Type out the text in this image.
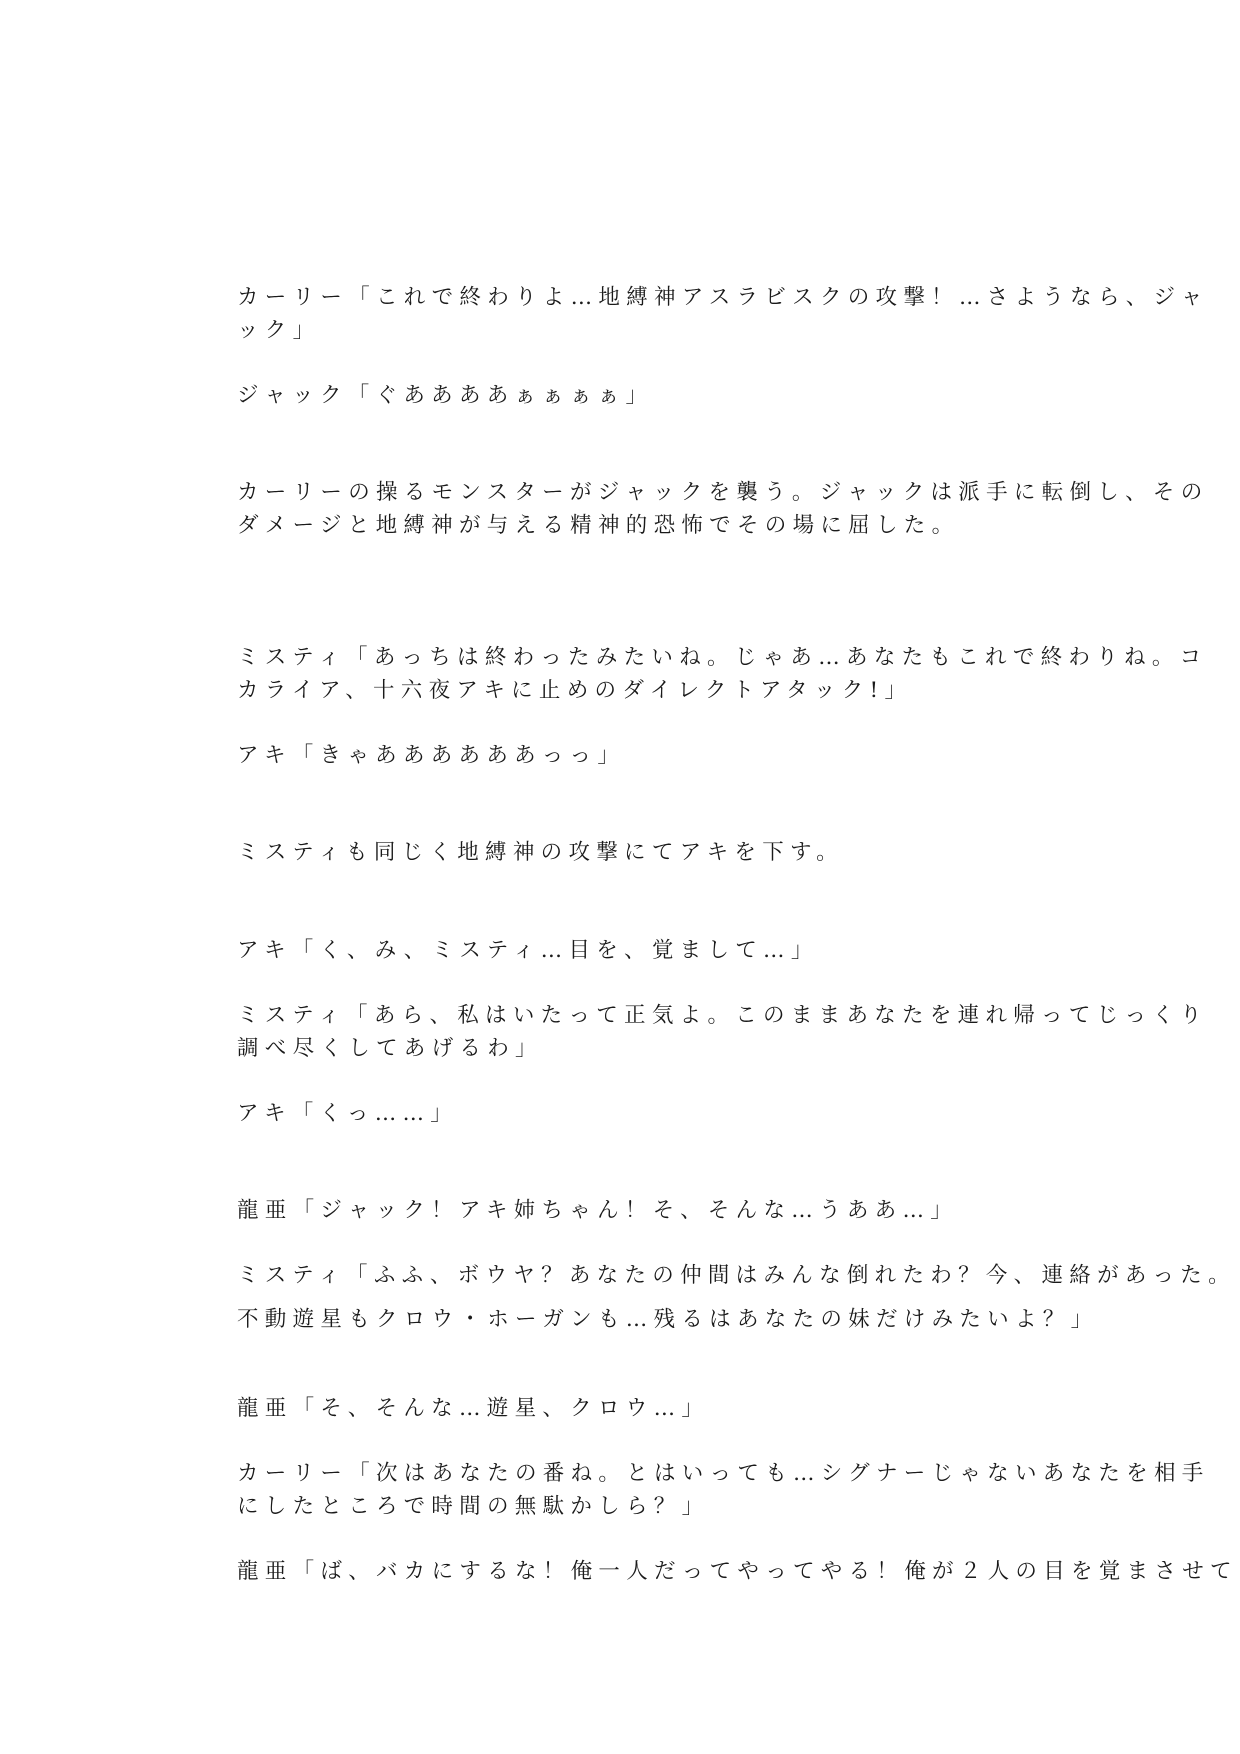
カーリー「これで終わりよ…地縛神アスラビスクの攻撃！…さようなら、ジャ
ック」
ジャック「ぐああああぁぁぁぁ」
カーリーの操るモンスターがジャックを襲う。ジャックは派手に転倒し、その
ダメージと地縛神が与える精神的恐怖でその場に屈した。
ミスティ「あっちは終わったみたいね。じゃあ…あなたもこれで終わりね。コ
カライア、十六夜アキに止めのダイレクトアタック!」
アキ「きゃああああああっっ」
ミスティも同じく地縛神の攻撃にてアキを下す。
アキ「く、み、ミスティ…目を、覚まして…」
ミスティ「あら、私はいたって正気よ。このままあなたを連れ帰ってじっくり
調べ尽くしてあげるわ」
アキ「くっ……」
龍亜「ジャック！アキ姉ちゃん！そ、そんな…うああ…」
ミスティ「ふふ、ボウヤ？あなたの仲間はみんな倒れたわ？今、連絡があった。
不動遊星もクロウ・ホーガンも…残るはあなたの妹だけみたいよ？」
龍亜「そ、そんな…遊星、クロウ…」
カーリー「次はあなたの番ね。とはいっても…シグナーじゃないあなたを相手
にしたところで時間の無駄かしら？」
龍亜「ば、バカにするな！俺一人だってやってやる！俺が２人の目を覚まさせて
